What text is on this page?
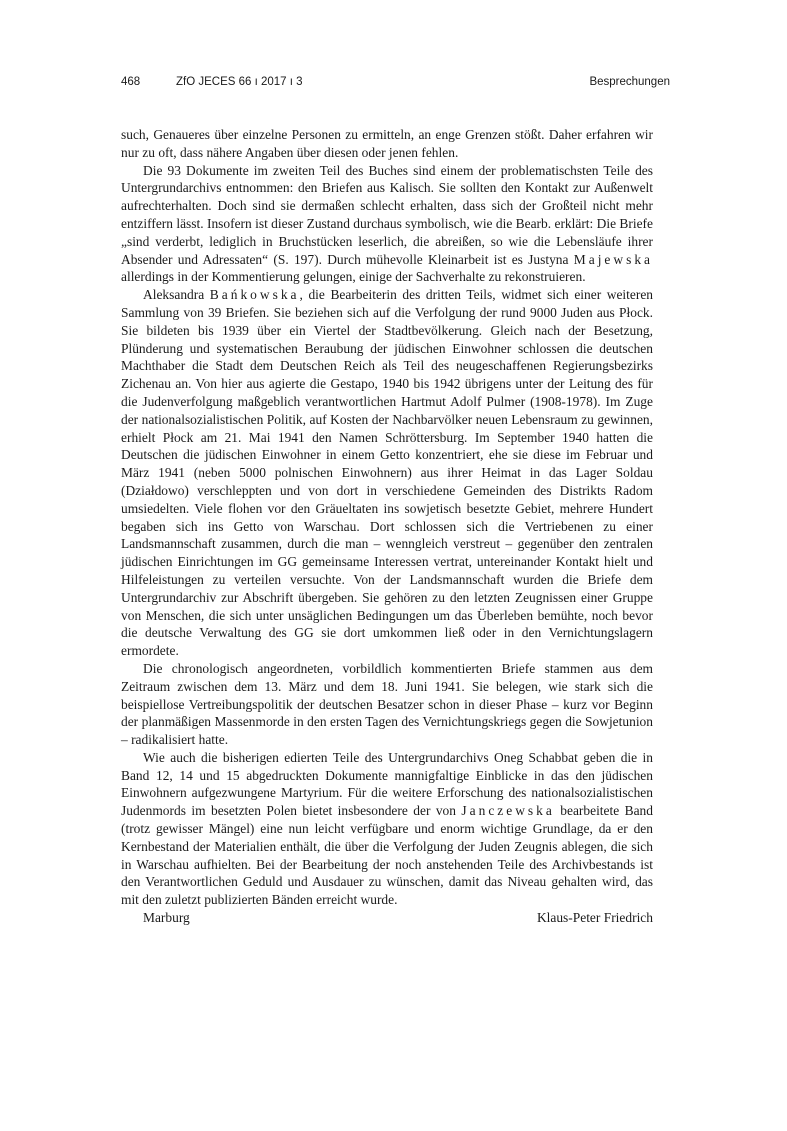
468	ZfO JECES 66 ı 2017 ı 3	Besprechungen

such, Genaueres über einzelne Personen zu ermitteln, an enge Grenzen stößt. Daher erfahren wir nur zu oft, dass nähere Angaben über diesen oder jenen fehlen.

Die 93 Dokumente im zweiten Teil des Buches sind einem der problematischsten Teile des Untergrundarchivs entnommen: den Briefen aus Kalisch. Sie sollten den Kontakt zur Außenwelt aufrechterhalten. Doch sind sie dermaßen schlecht erhalten, dass sich der Großteil nicht mehr entziffern lässt. Insofern ist dieser Zustand durchaus symbolisch, wie die Bearb. erklärt: Die Briefe „sind verderbt, lediglich in Bruchstücken leserlich, die abreißen, so wie die Lebensläufe ihrer Absender und Adressaten“ (S. 197). Durch mühevolle Kleinarbeit ist es Justyna Majewska allerdings in der Kommentierung gelungen, einige der Sachverhalte zu rekonstruieren.

Aleksandra Bańkowska, die Bearbeiterin des dritten Teils, widmet sich einer weiteren Sammlung von 39 Briefen. Sie beziehen sich auf die Verfolgung der rund 9000 Juden aus Płock. Sie bildeten bis 1939 über ein Viertel der Stadtbevölkerung. Gleich nach der Besetzung, Plünderung und systematischen Beraubung der jüdischen Einwohner schlossen die deutschen Machthaber die Stadt dem Deutschen Reich als Teil des neugeschaffenen Regierungsbezirks Zichenau an. Von hier aus agierte die Gestapo, 1940 bis 1942 übrigens unter der Leitung des für die Judenverfolgung maßgeblich verantwortlichen Hartmut Adolf Pulmer (1908-1978). Im Zuge der nationalsozialistischen Politik, auf Kosten der Nachbarvölker neuen Lebensraum zu gewinnen, erhielt Płock am 21. Mai 1941 den Namen Schröttersburg. Im September 1940 hatten die Deutschen die jüdischen Einwohner in einem Getto konzentriert, ehe sie diese im Februar und März 1941 (neben 5000 polnischen Einwohnern) aus ihrer Heimat in das Lager Soldau (Działdowo) verschleppten und von dort in verschiedene Gemeinden des Distrikts Radom umsiedelten. Viele flohen vor den Gräueltaten ins sowjetisch besetzte Gebiet, mehrere Hundert begaben sich ins Getto von Warschau. Dort schlossen sich die Vertriebenen zu einer Landsmannschaft zusammen, durch die man – wenngleich verstreut – gegenüber den zentralen jüdischen Einrichtungen im GG gemeinsame Interessen vertrat, untereinander Kontakt hielt und Hilfeleistungen zu verteilen versuchte. Von der Landsmannschaft wurden die Briefe dem Untergrundarchiv zur Abschrift übergeben. Sie gehören zu den letzten Zeugnissen einer Gruppe von Menschen, die sich unter unsäglichen Bedingungen um das Überleben bemühte, noch bevor die deutsche Verwaltung des GG sie dort umkommen ließ oder in den Vernichtungslagern ermordete.

Die chronologisch angeordneten, vorbildlich kommentierten Briefe stammen aus dem Zeitraum zwischen dem 13. März und dem 18. Juni 1941. Sie belegen, wie stark sich die beispiellose Vertreibungspolitik der deutschen Besatzer schon in dieser Phase – kurz vor Beginn der planmäßigen Massenmorde in den ersten Tagen des Vernichtungskriegs gegen die Sowjetunion – radikalisiert hatte.

Wie auch die bisherigen edierten Teile des Untergrundarchivs Oneg Schabbat geben die in Band 12, 14 und 15 abgedruckten Dokumente mannigfaltige Einblicke in das den jüdischen Einwohnern aufgezwungene Martyrium. Für die weitere Erforschung des nationalsozialistischen Judenmords im besetzten Polen bietet insbesondere der von Janczewska bearbeitete Band (trotz gewisser Mängel) eine nun leicht verfügbare und enorm wichtige Grundlage, da er den Kernbestand der Materialien enthält, die über die Verfolgung der Juden Zeugnis ablegen, die sich in Warschau aufhielten. Bei der Bearbeitung der noch anstehenden Teile des Archivbestands ist den Verantwortlichen Geduld und Ausdauer zu wünschen, damit das Niveau gehalten wird, das mit den zuletzt publizierten Bänden erreicht wurde.

Marburg	Klaus-Peter Friedrich
